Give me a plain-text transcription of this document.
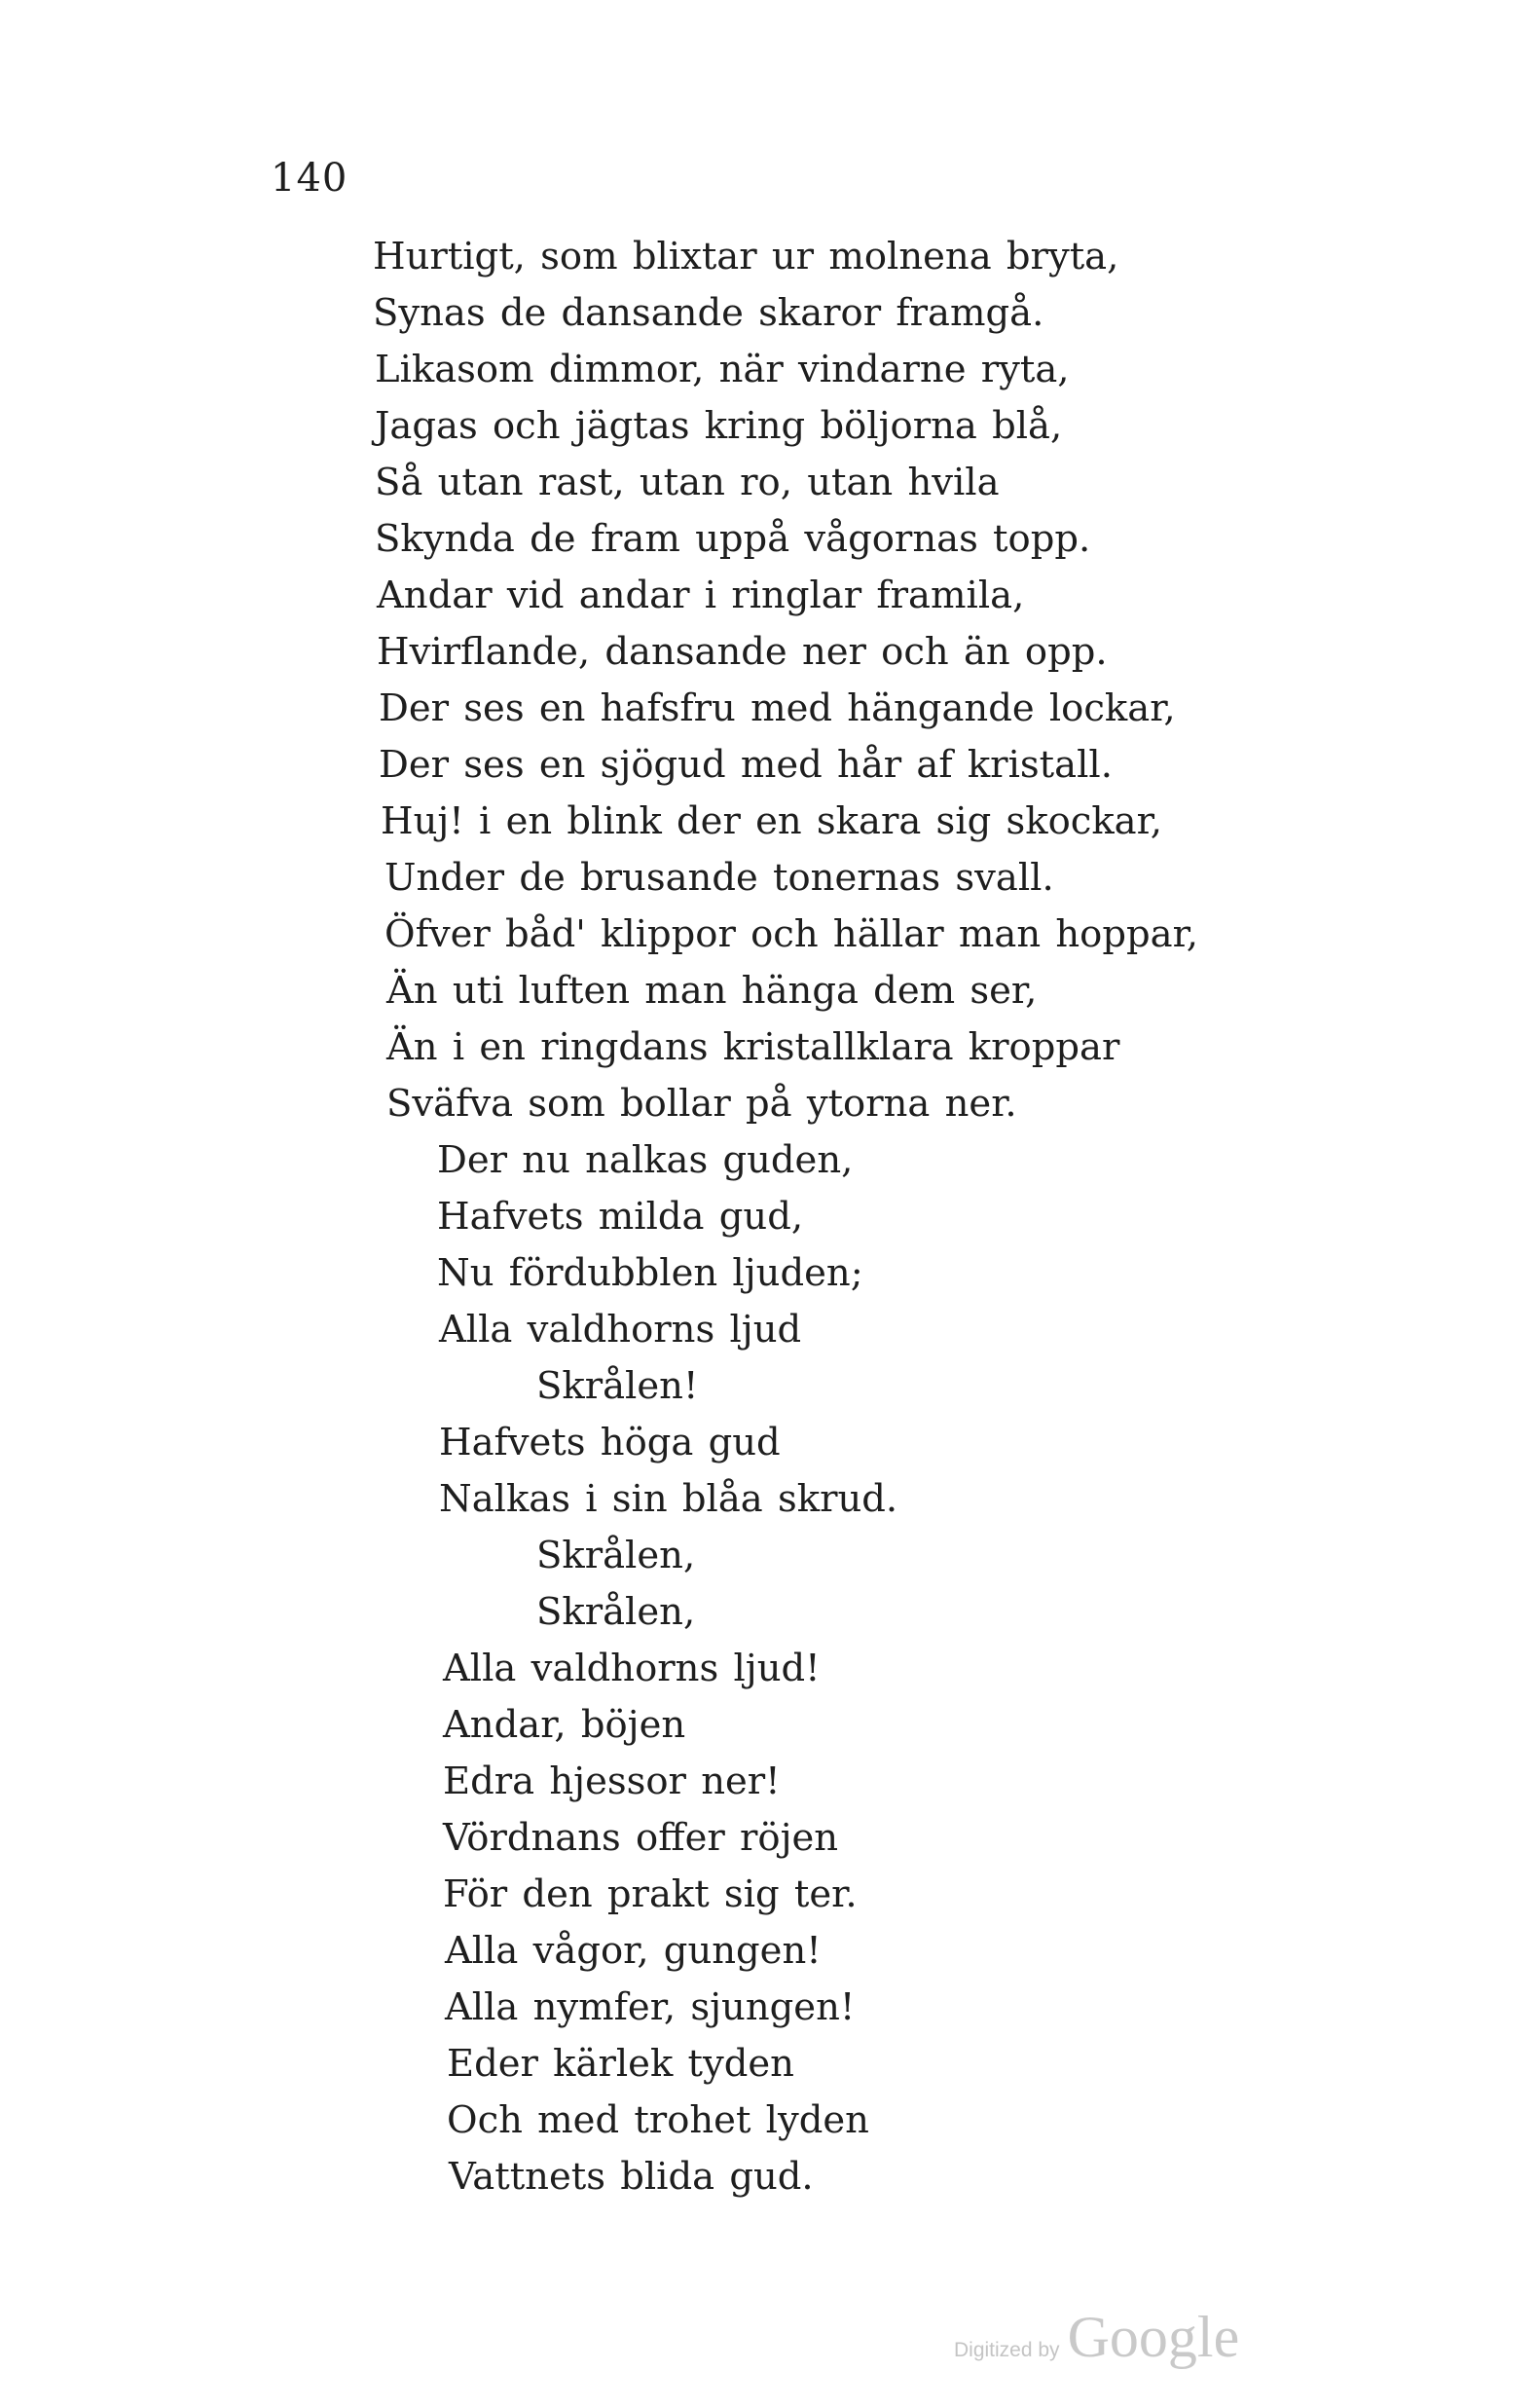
140
Hurtigt, som blixtar ur molnena bryta,
Synas de dansande skaror framgå.
Likasom dimmor, när vindarne ryta,
Jagas och jägtas kring böljorna blå,
Så utan rast, utan ro, utan hvila
Skynda de fram uppå vågornas topp.
Andar vid andar i ringlar framila,
Hvirflande, dansande ner och än opp.
Der ses en hafsfru med hängande lockar,
Der ses en sjögud med hår af kristall.
Huj! i en blink der en skara sig skockar,
Under de brusande tonernas svall.
Öfver båd' klippor och hällar man hoppar,
Än uti luften man hänga dem ser,
Än i en ringdans kristallklara kroppar
Sväfva som bollar på ytorna ner.
Der nu nalkas guden,
Hafvets milda gud,
Nu fördubblen ljuden;
Alla valdhorns ljud
Skrålen!
Hafvets höga gud
Nalkas i sin blåa skrud.
Skrålen,
Skrålen,
Alla valdhorns ljud!
Andar, böjen
Edra hjessor ner!
Vördnans offer röjen
För den prakt sig ter.
Alla vågor, gungen!
Alla nymfer, sjungen!
Eder kärlek tyden
Och med trohet lyden
Vattnets blida gud.
Digitized by Google
